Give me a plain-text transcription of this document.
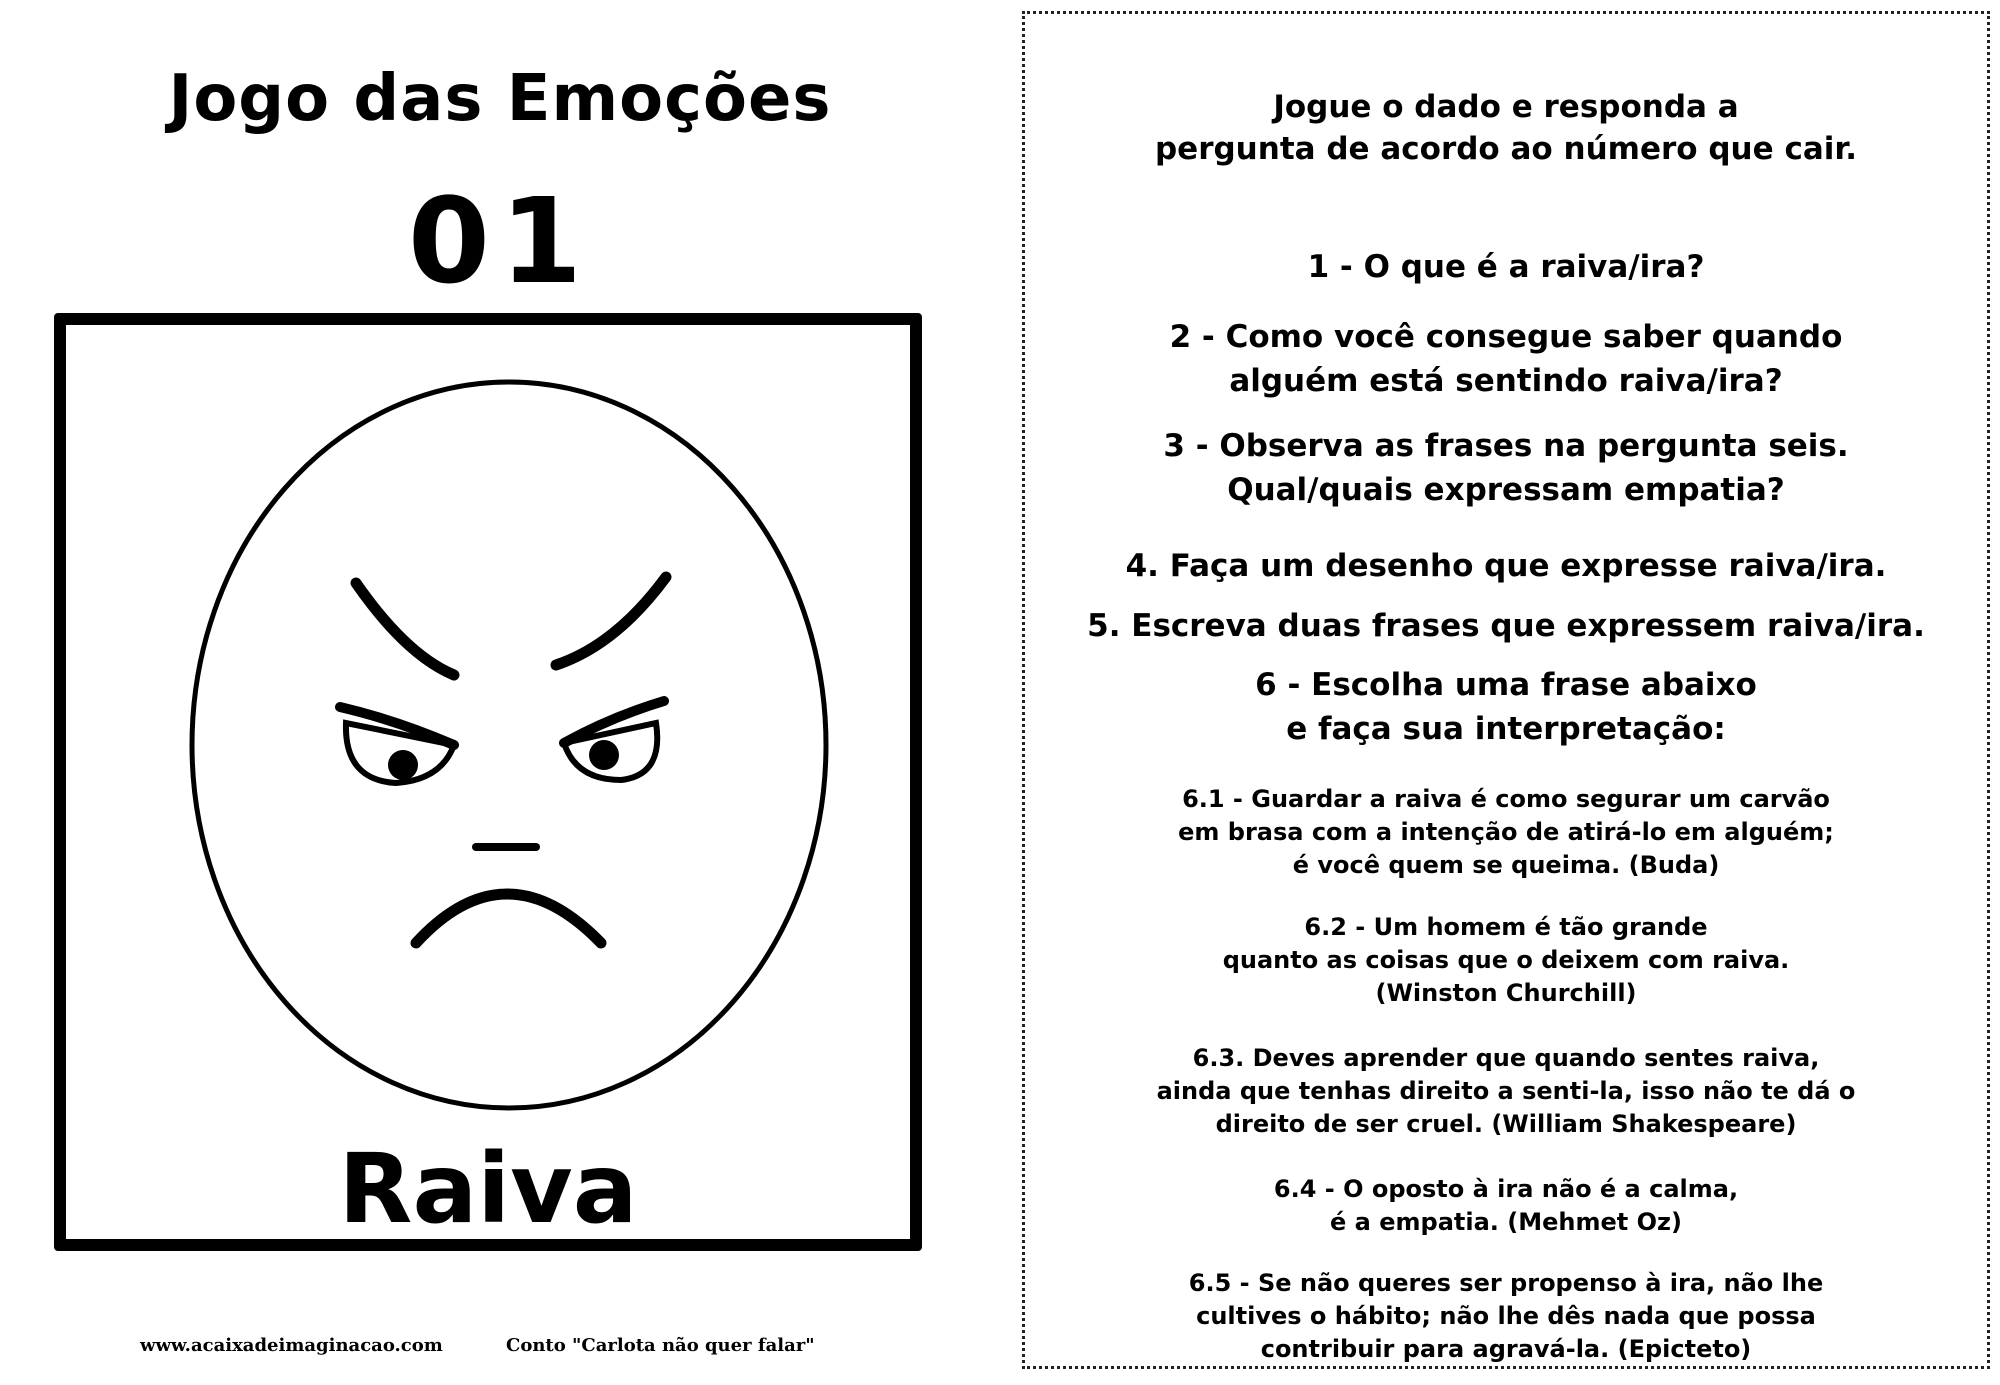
Jogo das Emoções
01
Raiva
www.acaixadeimaginacao.com	Conto "Carlota não quer falar"
Jogue o dado e responda a
pergunta de acordo ao número que cair.
1 - O que é a raiva/ira?
2 - Como você consegue saber quando
alguém está sentindo raiva/ira?
3 - Observa as frases na pergunta seis.
Qual/quais expressam empatia?
4. Faça um desenho que expresse raiva/ira.
5. Escreva duas frases que expressem raiva/ira.
6 - Escolha uma frase abaixo
e faça sua interpretação:
6.1 - Guardar a raiva é como segurar um carvão
em brasa com a intenção de atirá-lo em alguém;
é você quem se queima. (Buda)
6.2 - Um homem é tão grande
quanto as coisas que o deixem com raiva.
(Winston Churchill)
6.3. Deves aprender que quando sentes raiva,
ainda que tenhas direito a senti-la, isso não te dá o
direito de ser cruel. (William Shakespeare)
6.4 - O oposto à ira não é a calma,
é a empatia. (Mehmet Oz)
6.5 - Se não queres ser propenso à ira, não lhe
cultives o hábito; não lhe dês nada que possa
contribuir para agravá-la. (Epicteto)
